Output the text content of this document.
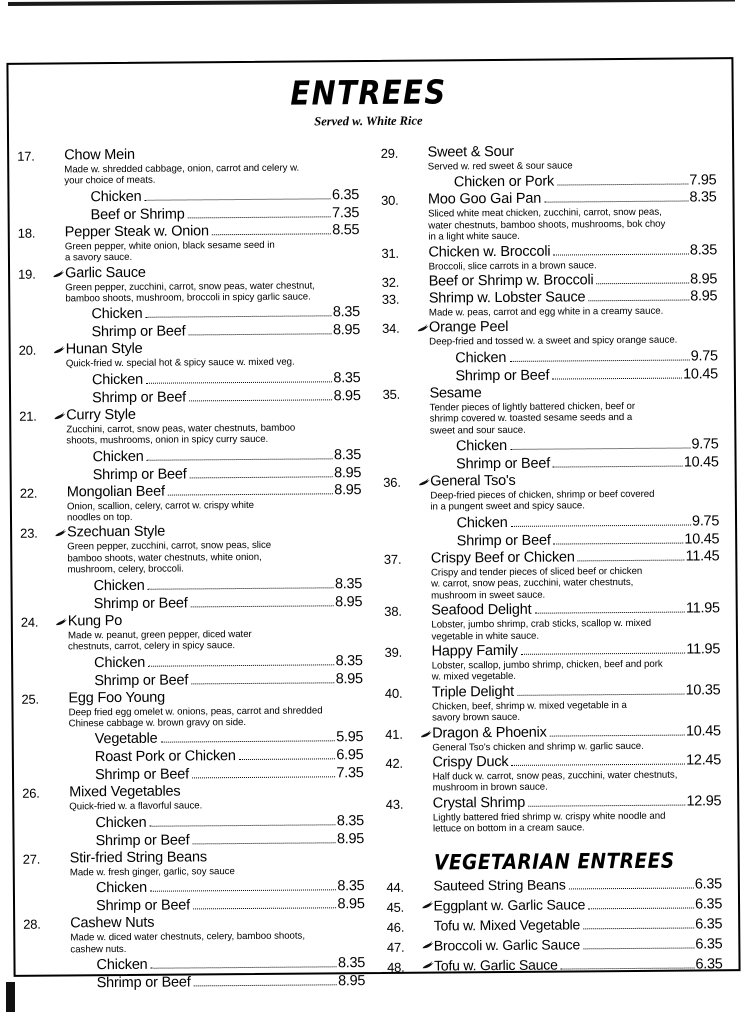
ENTREES
Served w. White Rice
17.	Chow Mein
Made w. shredded cabbage, onion, carrot and celery w.
your choice of meats.
Chicken	6.35
Beef or Shrimp	7.35
18.	Pepper Steak w. Onion	8.55
Green pepper, white onion, black sesame seed in
a savory sauce.
19.	Garlic Sauce
Green pepper, zucchini, carrot, snow peas, water chestnut,
bamboo shoots, mushroom, broccoli in spicy garlic sauce.
Chicken	8.35
Shrimp or Beef	8.95
20.	Hunan Style
Quick-fried w. special hot & spicy sauce w. mixed veg.
Chicken	8.35
Shrimp or Beef	8.95
21.	Curry Style
Zucchini, carrot, snow peas, water chestnuts, bamboo
shoots, mushrooms, onion in spicy curry sauce.
Chicken	8.35
Shrimp or Beef	8.95
22.	Mongolian Beef	8.95
Onion, scallion, celery, carrot w. crispy white
noodles on top.
23.	Szechuan Style
Green pepper, zucchini, carrot, snow peas, slice
bamboo shoots, water chestnuts, white onion,
mushroom, celery, broccoli.
Chicken	8.35
Shrimp or Beef	8.95
24.	Kung Po
Made w. peanut, green pepper, diced water
chestnuts, carrot, celery in spicy sauce.
Chicken	8.35
Shrimp or Beef	8.95
25.	Egg Foo Young
Deep fried egg omelet w. onions, peas, carrot and shredded
Chinese cabbage w. brown gravy on side.
Vegetable	5.95
Roast Pork or Chicken	6.95
Shrimp or Beef	7.35
26.	Mixed Vegetables
Quick-fried w. a flavorful sauce.
Chicken	8.35
Shrimp or Beef	8.95
27.	Stir-fried String Beans
Made w. fresh ginger, garlic, soy sauce
Chicken	8.35
Shrimp or Beef	8.95
28.	Cashew Nuts
Made w. diced water chestnuts, celery, bamboo shoots,
cashew nuts.
Chicken	8.35
Shrimp or Beef	8.95
29.	Sweet & Sour
Served w. red sweet & sour sauce
Chicken or Pork	7.95
30.	Moo Goo Gai Pan	8.35
Sliced white meat chicken, zucchini, carrot, snow peas,
water chestnuts, bamboo shoots, mushrooms, bok choy
in a light white sauce.
31.	Chicken w. Broccoli	8.35
Broccoli, slice carrots in a brown sauce.
32.	Beef or Shrimp w. Broccoli	8.95
33.	Shrimp w. Lobster Sauce	8.95
Made w. peas, carrot and egg white in a creamy sauce.
34.	Orange Peel
Deep-fried and tossed w. a sweet and spicy orange sauce.
Chicken	9.75
Shrimp or Beef	10.45
35.	Sesame
Tender pieces of lightly battered chicken, beef or
shrimp covered w. toasted sesame seeds and a
sweet and sour sauce.
Chicken	9.75
Shrimp or Beef	10.45
36.	General Tso's
Deep-fried pieces of chicken, shrimp or beef covered
in a pungent sweet and spicy sauce.
Chicken	9.75
Shrimp or Beef	10.45
37.	Crispy Beef or Chicken	11.45
Crispy and tender pieces of sliced beef or chicken
w. carrot, snow peas, zucchini, water chestnuts,
mushroom in sweet sauce.
38.	Seafood Delight	11.95
Lobster, jumbo shrimp, crab sticks, scallop w. mixed
vegetable in white sauce.
39.	Happy Family	11.95
Lobster, scallop, jumbo shrimp, chicken, beef and pork
w. mixed vegetable.
40.	Triple Delight	10.35
Chicken, beef, shrimp w. mixed vegetable in a
savory brown sauce.
41.	Dragon & Phoenix	10.45
General Tso's chicken and shrimp w. garlic sauce.
42.	Crispy Duck	12.45
Half duck w. carrot, snow peas, zucchini, water chestnuts,
mushroom in brown sauce.
43.	Crystal Shrimp	12.95
Lightly battered fried shrimp w. crispy white noodle and
lettuce on bottom in a cream sauce.
VEGETARIAN ENTREES
44.	Sauteed String Beans	6.35
45.	Eggplant w. Garlic Sauce	6.35
46.	Tofu w. Mixed Vegetable	6.35
47.	Broccoli w. Garlic Sauce	6.35
48.	Tofu w. Garlic Sauce	6.35
